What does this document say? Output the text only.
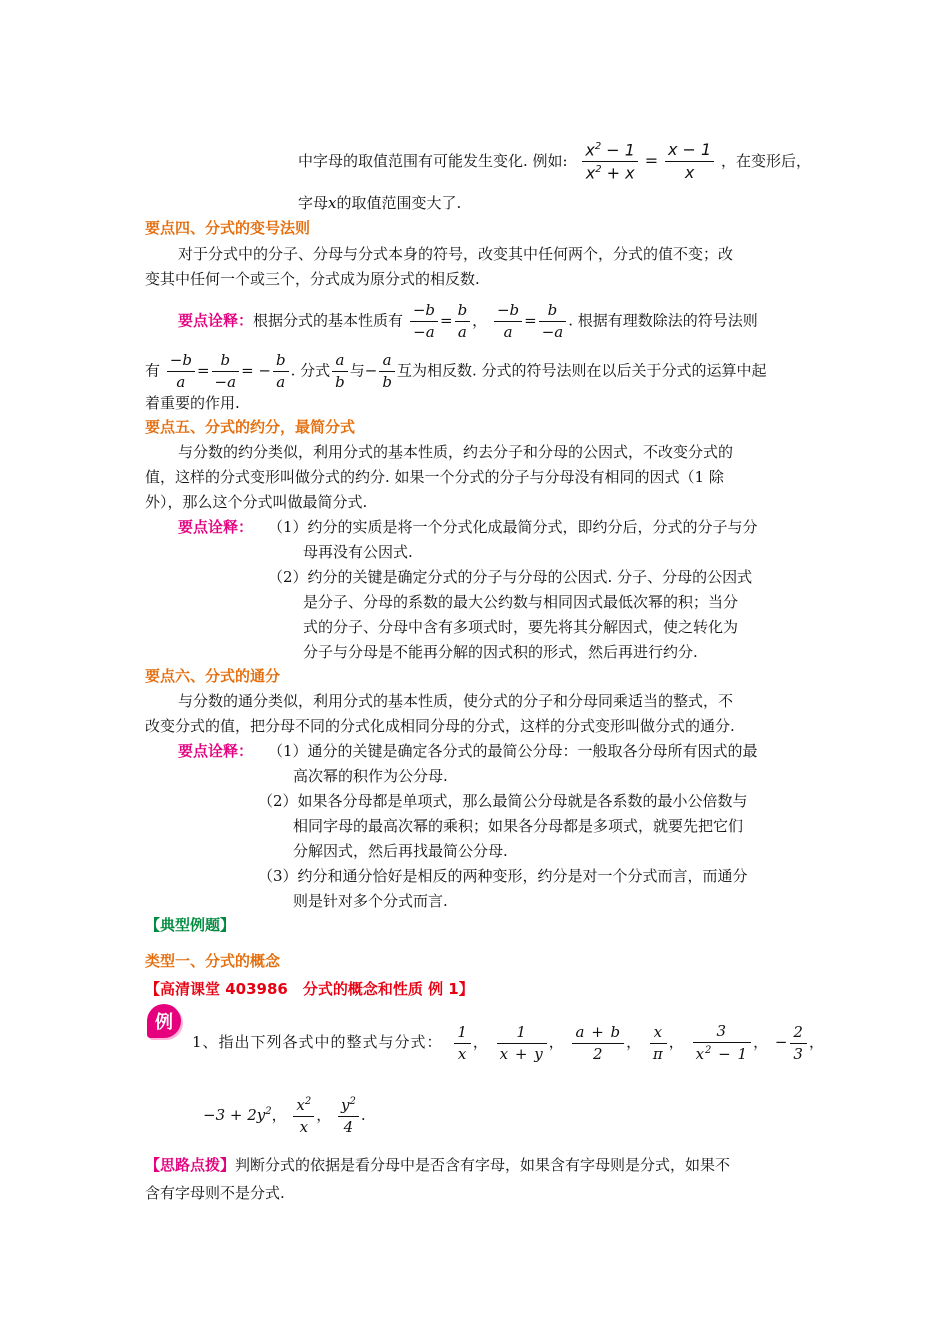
中字母的取值范围有可能发生变化. 例如: $\frac{x^2 - 1}{x^2 + x} = \frac{x - 1}{x}$ ，在变形后，
字母x的取值范围变大了.
要点四、分式的变号法则
对于分式中的分子、分母与分式本身的符号，改变其中任何两个，分式的值不变；改
变其中任何一个或三个，分式成为原分式的相反数.
要点诠释：根据分式的基本性质有 $\frac{-b}{-a} = \frac{b}{a}$ ， $\frac{-b}{a} = \frac{b}{-a}$ . 根据有理数除法的符号法则
有 $\frac{-b}{a} = \frac{b}{-a}$ = − $\frac{b}{a}$ . 分式 $\frac{a}{b}$ 与− $\frac{a}{b}$ 互为相反数. 分式的符号法则在以后关于分式的运算中起
着重要的作用.
要点五、分式的约分，最简分式
与分数的约分类似，利用分式的基本性质，约去分子和分母的公因式，不改变分式的
值，这样的分式变形叫做分式的约分. 如果一个分式的分子与分母没有相同的因式（1 除
外），那么这个分式叫做最简分式.
要点诠释： （1）约分的实质是将一个分式化成最简分式，即约分后，分式的分子与分
母再没有公因式.
（2）约分的关键是确定分式的分子与分母的公因式. 分子、分母的公因式
是分子、分母的系数的最大公约数与相同因式最低次幂的积；当分
式的分子、分母中含有多项式时，要先将其分解因式，使之转化为
分子与分母是不能再分解的因式积的形式，然后再进行约分.
要点六、分式的通分
与分数的通分类似，利用分式的基本性质，使分式的分子和分母同乘适当的整式，不
改变分式的值，把分母不同的分式化成相同分母的分式，这样的分式变形叫做分式的通分.
要点诠释： （1）通分的关键是确定各分式的最简公分母：一般取各分母所有因式的最
高次幂的积作为公分母.
（2）如果各分母都是单项式，那么最简公分母就是各系数的最小公倍数与
相同字母的最高次幂的乘积；如果各分母都是多项式，就要先把它们
分解因式，然后再找最简公分母.
（3）约分和通分恰好是相反的两种变形，约分是对一个分式而言，而通分
则是针对多个分式而言.
【典型例题】
类型一、分式的概念
【高清课堂 403986　分式的概念和性质 例 1】
例
1、指出下列各式中的整式与分式： $\frac{1}{x}$ ， $\frac{1}{x + y}$ ， $\frac{a + b}{2}$ ， $\frac{x}{\pi}$ ， $\frac{3}{x^2 - 1}$ ， − $\frac{2}{3}$ ，
$-3 + 2y^2$， $\frac{x^2}{x}$ ， $\frac{y^2}{4}$ .
【思路点拨】判断分式的依据是看分母中是否含有字母，如果含有字母则是分式，如果不
含有字母则不是分式.
